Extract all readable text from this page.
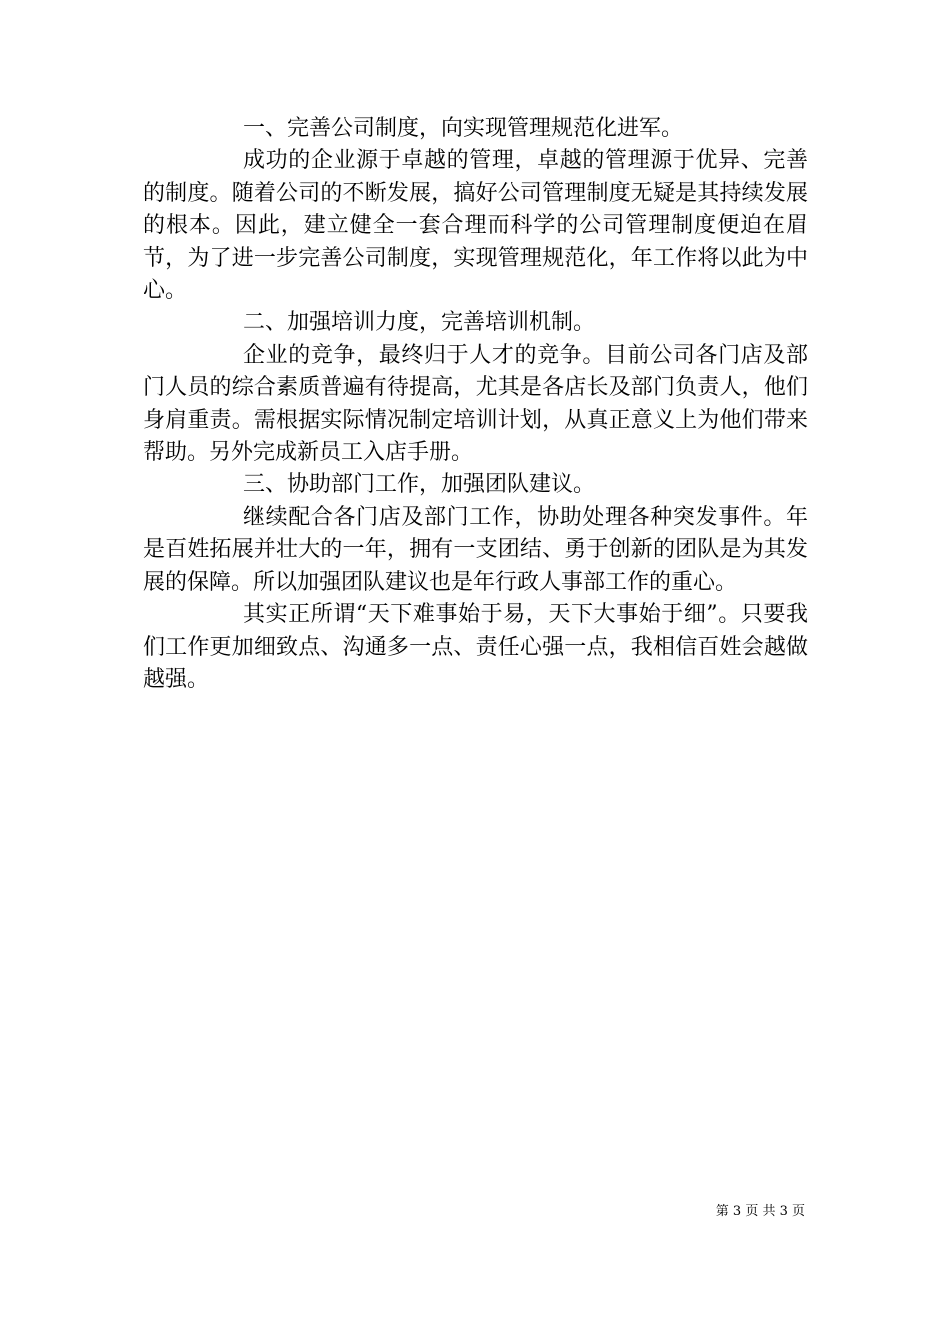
一、完善公司制度，向实现管理规范化进军。

成功的企业源于卓越的管理，卓越的管理源于优异、完善的制度。随着公司的不断发展，搞好公司管理制度无疑是其持续发展的根本。因此，建立健全一套合理而科学的公司管理制度便迫在眉节，为了进一步完善公司制度，实现管理规范化，年工作将以此为中心。

二、加强培训力度，完善培训机制。

企业的竞争，最终归于人才的竞争。目前公司各门店及部门人员的综合素质普遍有待提高，尤其是各店长及部门负责人，他们身肩重责。需根据实际情况制定培训计划，从真正意义上为他们带来帮助。另外完成新员工入店手册。

三、协助部门工作，加强团队建议。

继续配合各门店及部门工作，协助处理各种突发事件。年是百姓拓展并壮大的一年，拥有一支团结、勇于创新的团队是为其发展的保障。所以加强团队建议也是年行政人事部工作的重心。

其实正所谓“天下难事始于易，天下大事始于细”。只要我们工作更加细致点、沟通多一点、责任心强一点，我相信百姓会越做越强。

第 3 页 共 3 页
